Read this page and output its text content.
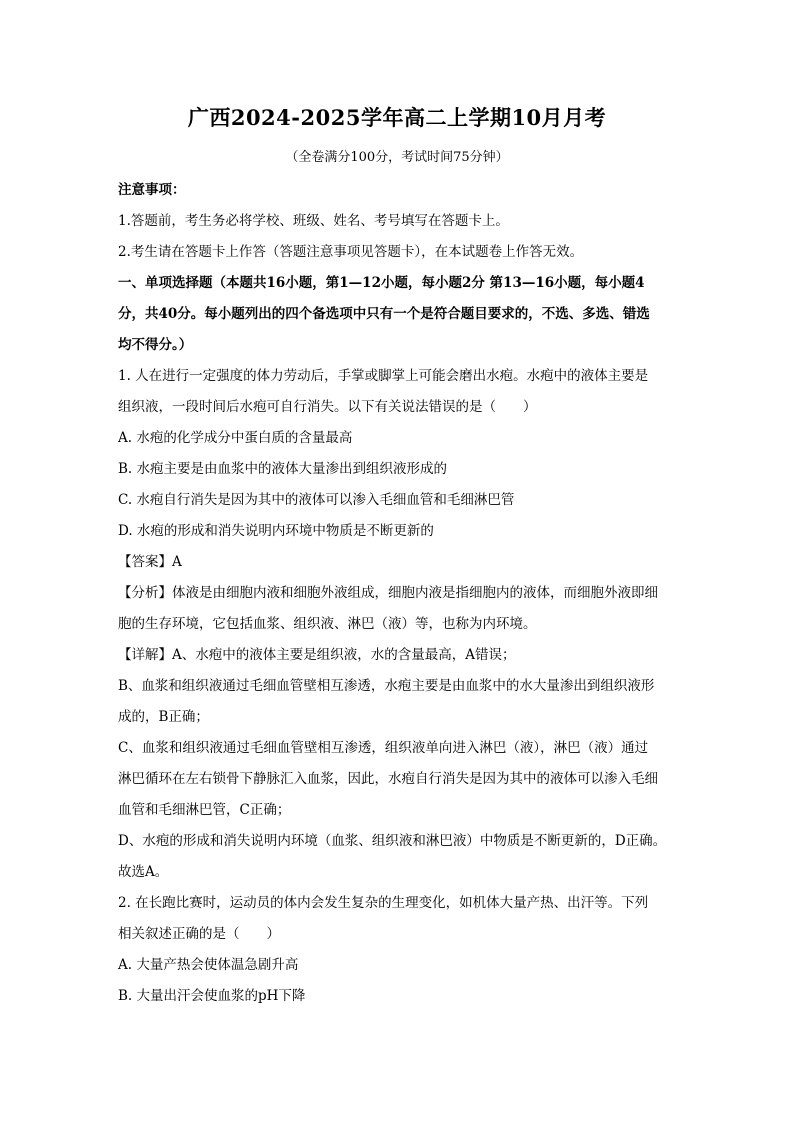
广西2024-2025学年高二上学期10月月考
（全卷满分100分，考试时间75分钟）
注意事项：
1.答题前，考生务必将学校、班级、姓名、考号填写在答题卡上。
2.考生请在答题卡上作答（答题注意事项见答题卡），在本试题卷上作答无效。
一、单项选择题（本题共16小题，第1—12小题，每小题2分 第13—16小题，每小题4
分，共40分。每小题列出的四个备选项中只有一个是符合题目要求的，不选、多选、错选
均不得分。）
1. 人在进行一定强度的体力劳动后，手掌或脚掌上可能会磨出水疱。水疱中的液体主要是
组织液，一段时间后水疱可自行消失。以下有关说法错误的是（　　）
A. 水疱的化学成分中蛋白质的含量最高
B. 水疱主要是由血浆中的液体大量渗出到组织液形成的
C. 水疱自行消失是因为其中的液体可以渗入毛细血管和毛细淋巴管
D. 水疱的形成和消失说明内环境中物质是不断更新的
【答案】A
【分析】体液是由细胞内液和细胞外液组成，细胞内液是指细胞内的液体，而细胞外液即细
胞的生存环境，它包括血浆、组织液、淋巴（液）等，也称为内环境。
【详解】A、水疱中的液体主要是组织液，水的含量最高，A错误；
B、血浆和组织液通过毛细血管壁相互渗透，水疱主要是由血浆中的水大量渗出到组织液形
成的，B正确；
C、血浆和组织液通过毛细血管壁相互渗透，组织液单向进入淋巴（液），淋巴（液）通过
淋巴循环在左右锁骨下静脉汇入血浆，因此，水疱自行消失是因为其中的液体可以渗入毛细
血管和毛细淋巴管，C正确；
D、水疱的形成和消失说明内环境（血浆、组织液和淋巴液）中物质是不断更新的，D正确。
故选A。
2. 在长跑比赛时，运动员的体内会发生复杂的生理变化，如机体大量产热、出汗等。下列
相关叙述正确的是（　　）
A. 大量产热会使体温急剧升高
B. 大量出汗会使血浆的pH下降
